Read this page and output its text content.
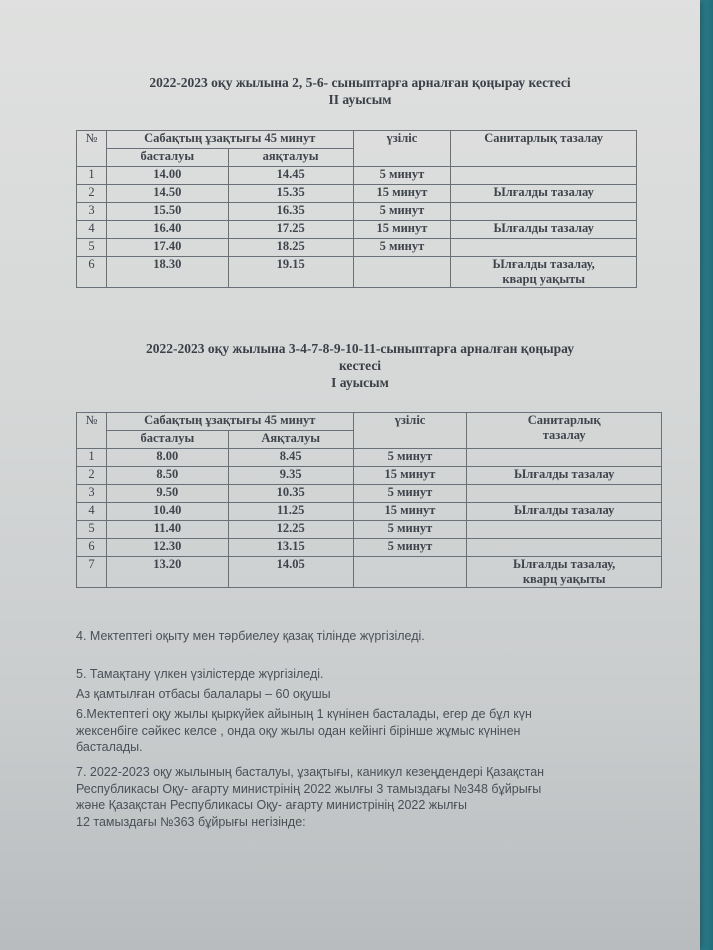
2022-2023 оқу жылына 2, 5-6- сыныптарға арналған қоңырау кестесі
II ауысым
№	Сабақтың ұзақтығы 45 минут		үзіліс	Санитарлық тазалау
	басталуы	аяқталуы		
1	14.00	14.45	5 минут	
2	14.50	15.35	15 минут	Ылғалды тазалау
3	15.50	16.35	5 минут	
4	16.40	17.25	15 минут	Ылғалды тазалау
5	17.40	18.25	5 минут	
6	18.30	19.15		Ылғалды тазалау,
кварц уақыты
2022-2023 оқу жылына 3-4-7-8-9-10-11-сыныптарға арналған қоңырау
кестесі
I ауысым
№	Сабақтың ұзақтығы 45 минут		үзіліс	Санитарлық
тазалау

	басталуы	Аяқталуы		
1	8.00	8.45	5 минут	
2	8.50	9.35	15 минут	Ылғалды тазалау
3	9.50	10.35	5 минут	
4	10.40	11.25	15 минут	Ылғалды тазалау
5	11.40	12.25	5 минут	
6	12.30	13.15	5 минут	
7	13.20	14.05		Ылғалды тазалау,
кварц уақыты
4. Мектептегі оқыту мен тәрбиелеу қазақ тілінде жүргізіледі.
5. Тамақтану үлкен үзілістерде жүргізіледі.
Аз қамтылған отбасы балалары – 60 оқушы
6.Мектептегі оқу жылы қыркүйек айының 1 күнінен басталады, егер де бұл күн
жексенбіге сәйкес келсе , онда оқу жылы одан кейінгі бірінше жұмыс күнінен
басталады.
7. 2022-2023 оқу жылының басталуы, ұзақтығы, каникул кезеңдендері Қазақстан
Республикасы Оқу- ағарту министрінің 2022 жылғы 3 тамыздағы №348 бұйрығы
және Қазақстан Республикасы Оқу- ағарту министрінің 2022 жылғы
12 тамыздағы №363 бұйрығы негізінде:
